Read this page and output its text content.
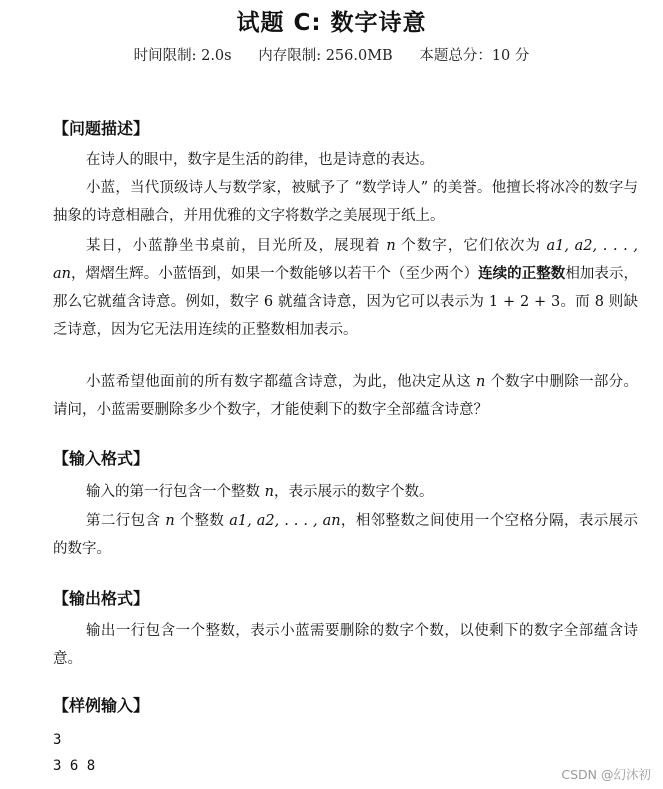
试题 C: 数字诗意
时间限制: 2.0s 内存限制: 256.0MB 本题总分：10 分
【问题描述】
在诗人的眼中，数字是生活的韵律，也是诗意的表达。
小蓝，当代顶级诗人与数学家，被赋予了 “数学诗人” 的美誉。他擅长将冰冷的数字与抽象的诗意相融合，并用优雅的文字将数学之美展现于纸上。
某日，小蓝静坐书桌前，目光所及，展现着 n 个数字，它们依次为 a1, a2, . . . , an，熠熠生辉。小蓝悟到，如果一个数能够以若干个（至少两个）连续的正整数相加表示，那么它就蕴含诗意。例如，数字 6 就蕴含诗意，因为它可以表示为 1 + 2 + 3。而 8 则缺乏诗意，因为它无法用连续的正整数相加表示。
小蓝希望他面前的所有数字都蕴含诗意，为此，他决定从这 n 个数字中删除一部分。请问，小蓝需要删除多少个数字，才能使剩下的数字全部蕴含诗意？
【输入格式】
输入的第一行包含一个整数 n，表示展示的数字个数。
第二行包含 n 个整数 a1, a2, . . . , an，相邻整数之间使用一个空格分隔，表示展示的数字。
【输出格式】
输出一行包含一个整数，表示小蓝需要删除的数字个数，以使剩下的数字全部蕴含诗意。
【样例输入】
3
3 6 8
CSDN @幻沐初
